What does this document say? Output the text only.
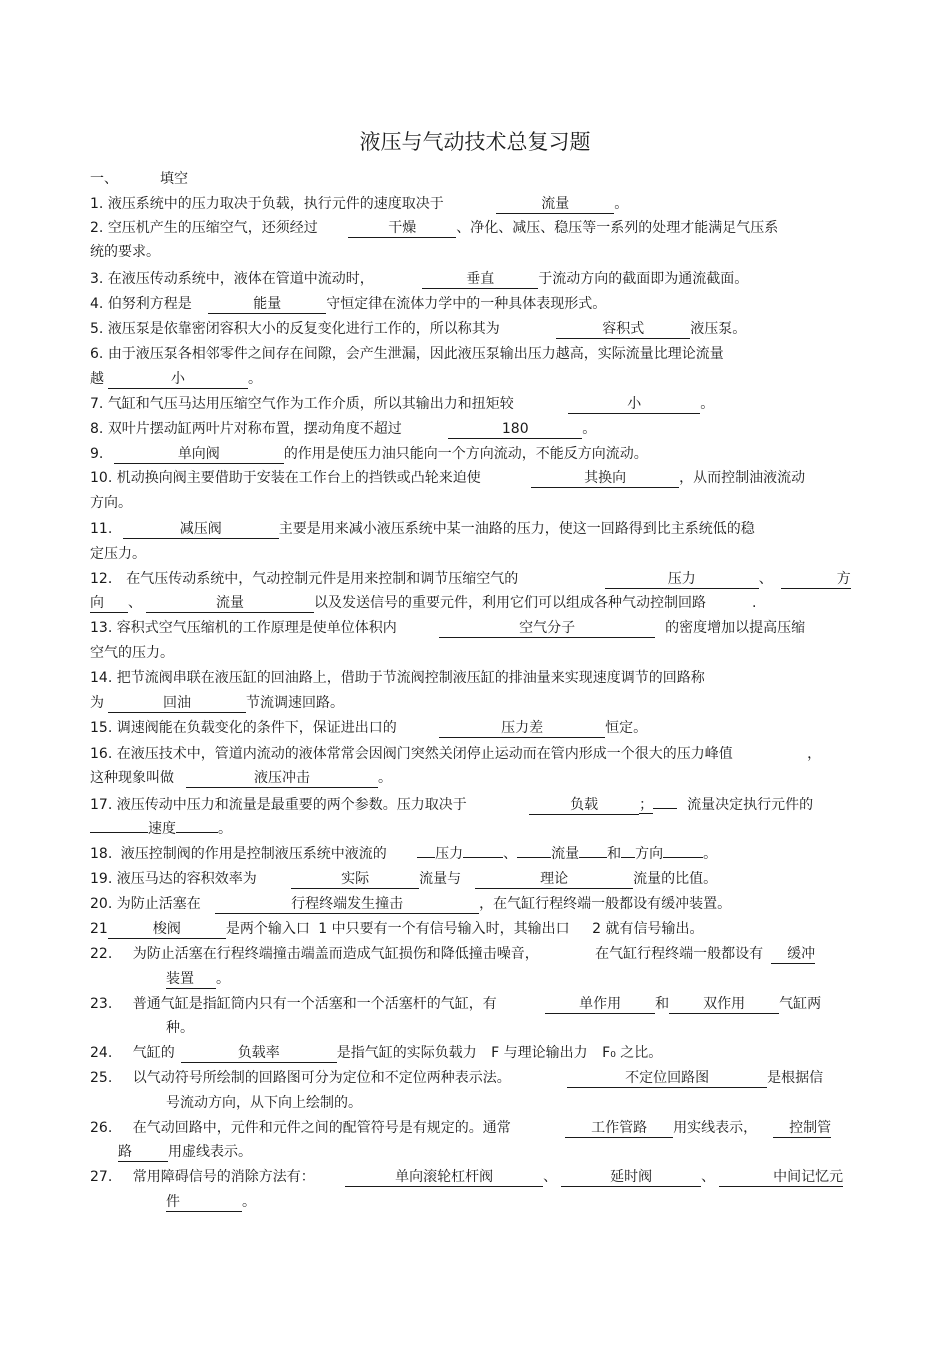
液压与气动技术总复习题
一、	填空
1. 液压系统中的压力取决于负载，执行元件的速度取决于	流量	。
2. 空压机产生的压缩空气，还须经过	干燥	、净化、减压、稳压等一系列的处理才能满足气压系
统的要求。
3. 在液压传动系统中，液体在管道中流动时，	垂直	于流动方向的截面即为通流截面。
4. 伯努利方程是	能量	守恒定律在流体力学中的一种具体表现形式。
5. 液压泵是依靠密闭容积大小的反复变化进行工作的，所以称其为	容积式	液压泵。
6. 由于液压泵各相邻零件之间存在间隙，会产生泄漏，因此液压泵输出压力越高，实际流量比理论流量
越	小	。
7. 气缸和气压马达用压缩空气作为工作介质，所以其输出力和扭矩较	小	。
8. 双叶片摆动缸两叶片对称布置，摆动角度不超过	180	。
9.	单向阀	的作用是使压力油只能向一个方向流动，不能反方向流动。
10. 机动换向阀主要借助于安装在工作台上的挡铁或凸轮来迫使	其换向	，从而控制油液流动
方向。
11.	减压阀	主要是用来减小液压系统中某一油路的压力，使这一回路得到比主系统低的稳
定压力。
12． 在气压传动系统中，气动控制元件是用来控制和调节压缩空气的	压力	、	方
向 、	流量	以及发送信号的重要元件，利用它们可以组成各种气动控制回路	.
13. 容积式空气压缩机的工作原理是使单位体积内	空气分子	的密度增加以提高压缩
空气的压力。
14. 把节流阀串联在液压缸的回油路上，借助于节流阀控制液压缸的排油量来实现速度调节的回路称
为	回油	节流调速回路。
15. 调速阀能在负载变化的条件下，保证进出口的	压力差	恒定。
16. 在液压技术中，管道内流动的液体常常会因阀门突然关闭停止运动而在管内形成一个很大的压力峰值	，
这种现象叫做	液压冲击	。
17. 液压传动中压力和流量是最重要的两个参数。压力取决于	负载	； 流量决定执行元件的
速度	。
18. 液压控制阀的作用是控制液压系统中液流的	压力	、 流量 和 方向	。
19. 液压马达的容积效率为	实际	流量与	理论	流量的比值。
20. 为防止活塞在	行程终端发生撞击	，在气缸行程终端一般都设有缓冲装置。
21	梭阀	是两个输入口 1 中只要有一个有信号输入时，其输出口 2 就有信号输出。
22. 为防止活塞在行程终端撞击端盖而造成气缸损伤和降低撞击噪音，	在气缸行程终端一般都设有 缓冲
装置 。
23. 普通气缸是指缸筒内只有一个活塞和一个活塞杆的气缸，有	单作用 和 双作用 气缸两
种。
24. 气缸的	负载率	是指气缸的实际负载力 F 与理论输出力 F₀ 之比。
25. 以气动符号所绘制的回路图可分为定位和不定位两种表示法。	不定位回路图	是根据信
号流动方向，从下向上绘制的。
26. 在气动回路中，元件和元件之间的配管符号是有规定的。通常	工作管路 用实线表示， 控制管
路	用虚线表示。
27. 常用障碍信号的消除方法有：	单向滚轮杠杆阀	、	延时阀	、	中间记忆元
件	。
